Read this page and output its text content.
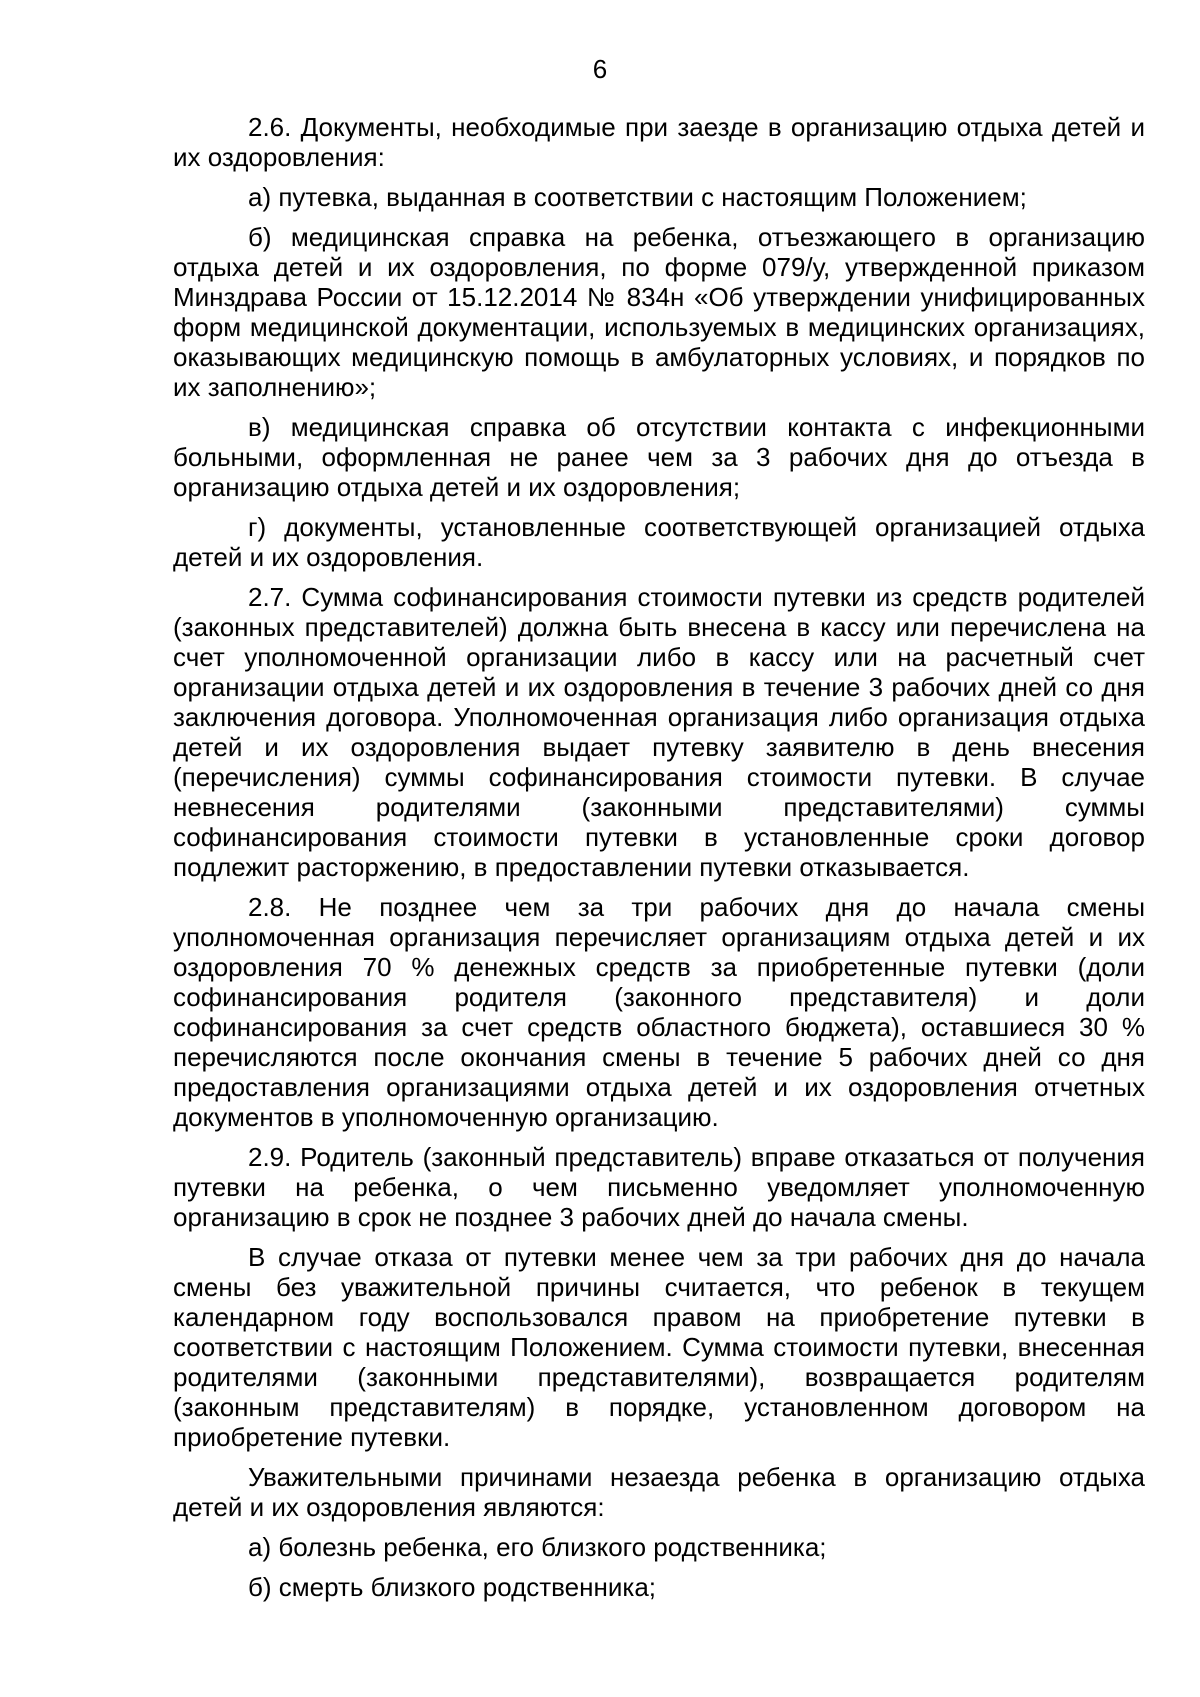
6

2.6. Документы, необходимые при заезде в организацию отдыха детей и их оздоровления:

а) путевка, выданная в соответствии с настоящим Положением;

б) медицинская справка на ребенка, отъезжающего в организацию отдыха детей и их оздоровления, по форме 079/у, утвержденной приказом Минздрава России от 15.12.2014 № 834н «Об утверждении унифицированных форм медицинской документации, используемых в медицинских организациях, оказывающих медицинскую помощь в амбулаторных условиях, и порядков по их заполнению»;

в) медицинская справка об отсутствии контакта с инфекционными больными, оформленная не ранее чем за 3 рабочих дня до отъезда в организацию отдыха детей и их оздоровления;

г) документы, установленные соответствующей организацией отдыха детей и их оздоровления.

2.7. Сумма софинансирования стоимости путевки из средств родителей (законных представителей) должна быть внесена в кассу или перечислена на счет уполномоченной организации либо в кассу или на расчетный счет организации отдыха детей и их оздоровления в течение 3 рабочих дней со дня заключения договора. Уполномоченная организация либо организация отдыха детей и их оздоровления выдает путевку заявителю в день внесения (перечисления) суммы софинансирования стоимости путевки. В случае невнесения родителями (законными представителями) суммы софинансирования стоимости путевки в установленные сроки договор подлежит расторжению, в предоставлении путевки отказывается.

2.8. Не позднее чем за три рабочих дня до начала смены уполномоченная организация перечисляет организациям отдыха детей и их оздоровления 70 % денежных средств за приобретенные путевки (доли софинансирования родителя (законного представителя) и доли софинансирования за счет средств областного бюджета), оставшиеся 30 % перечисляются после окончания смены в течение 5 рабочих дней со дня предоставления организациями отдыха детей и их оздоровления отчетных документов в уполномоченную организацию.

2.9. Родитель (законный представитель) вправе отказаться от получения путевки на ребенка, о чем письменно уведомляет уполномоченную организацию в срок не позднее 3 рабочих дней до начала смены.

В случае отказа от путевки менее чем за три рабочих дня до начала смены без уважительной причины считается, что ребенок в текущем календарном году воспользовался правом на приобретение путевки в соответствии с настоящим Положением. Сумма стоимости путевки, внесенная родителями (законными представителями), возвращается родителям (законным представителям) в порядке, установленном договором на приобретение путевки.

Уважительными причинами незаезда ребенка в организацию отдыха детей и их оздоровления являются:

а) болезнь ребенка, его близкого родственника;

б) смерть близкого родственника;
